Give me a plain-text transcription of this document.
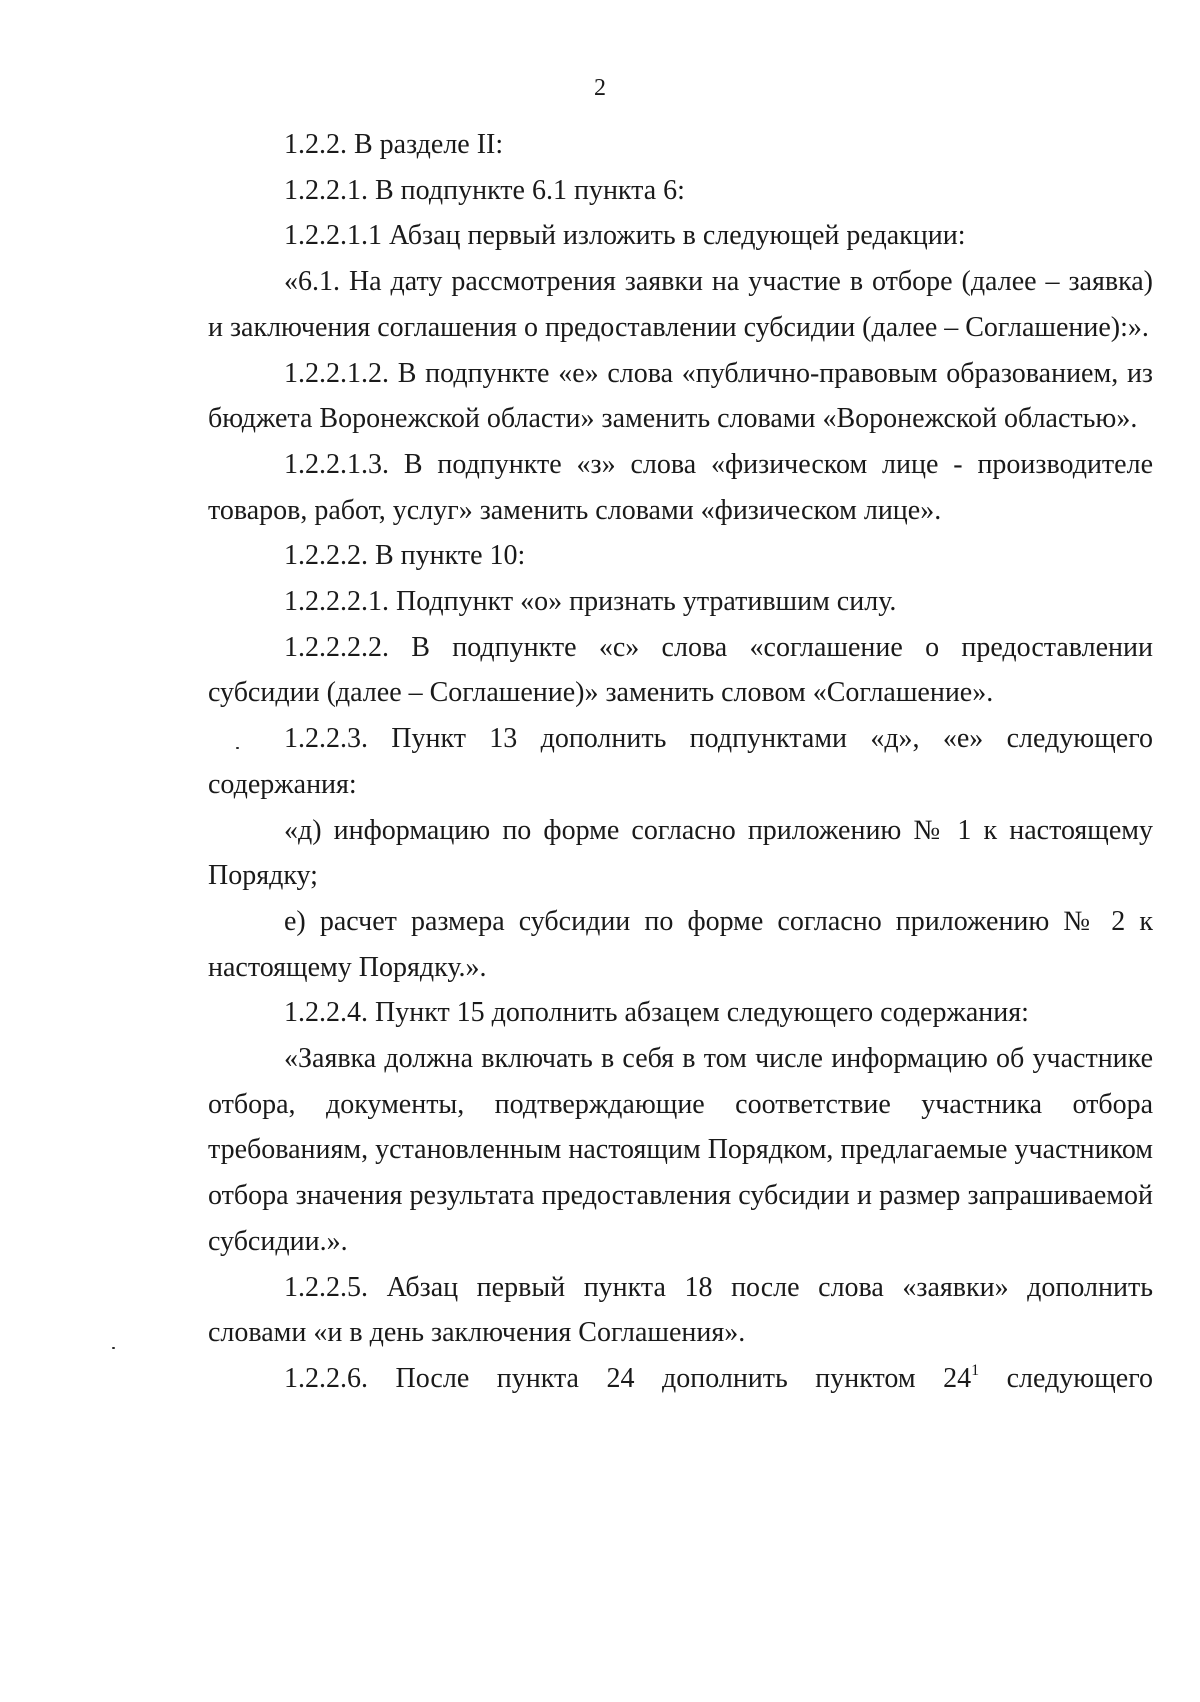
2

1.2.2. В разделе II:

1.2.2.1. В подпункте 6.1 пункта 6:

1.2.2.1.1 Абзац первый изложить в следующей редакции:

«6.1. На дату рассмотрения заявки на участие в отборе (далее – заявка) и заключения соглашения о предоставлении субсидии (далее – Соглашение):».

1.2.2.1.2. В подпункте «е» слова «публично-правовым образованием, из бюджета Воронежской области» заменить словами «Воронежской областью».

1.2.2.1.3. В подпункте «з» слова «физическом лице - производителе товаров, работ, услуг» заменить словами «физическом лице».

1.2.2.2. В пункте 10:

1.2.2.2.1. Подпункт «о» признать утратившим силу.

1.2.2.2.2. В подпункте «с» слова «соглашение о предоставлении субсидии (далее – Соглашение)» заменить словом «Соглашение».

1.2.2.3. Пункт 13 дополнить подпунктами «д», «е» следующего содержания:

«д) информацию по форме согласно приложению № 1 к настоящему Порядку;

е) расчет размера субсидии по форме согласно приложению № 2 к настоящему Порядку.».

1.2.2.4. Пункт 15 дополнить абзацем следующего содержания:

«Заявка должна включать в себя в том числе информацию об участнике отбора, документы, подтверждающие соответствие участника отбора требованиям, установленным настоящим Порядком, предлагаемые участником отбора значения результата предоставления субсидии и размер запрашиваемой субсидии.».

1.2.2.5. Абзац первый пункта 18 после слова «заявки» дополнить словами «и в день заключения Соглашения».

1.2.2.6. После пункта 24 дополнить пунктом $24^1$ следующего
